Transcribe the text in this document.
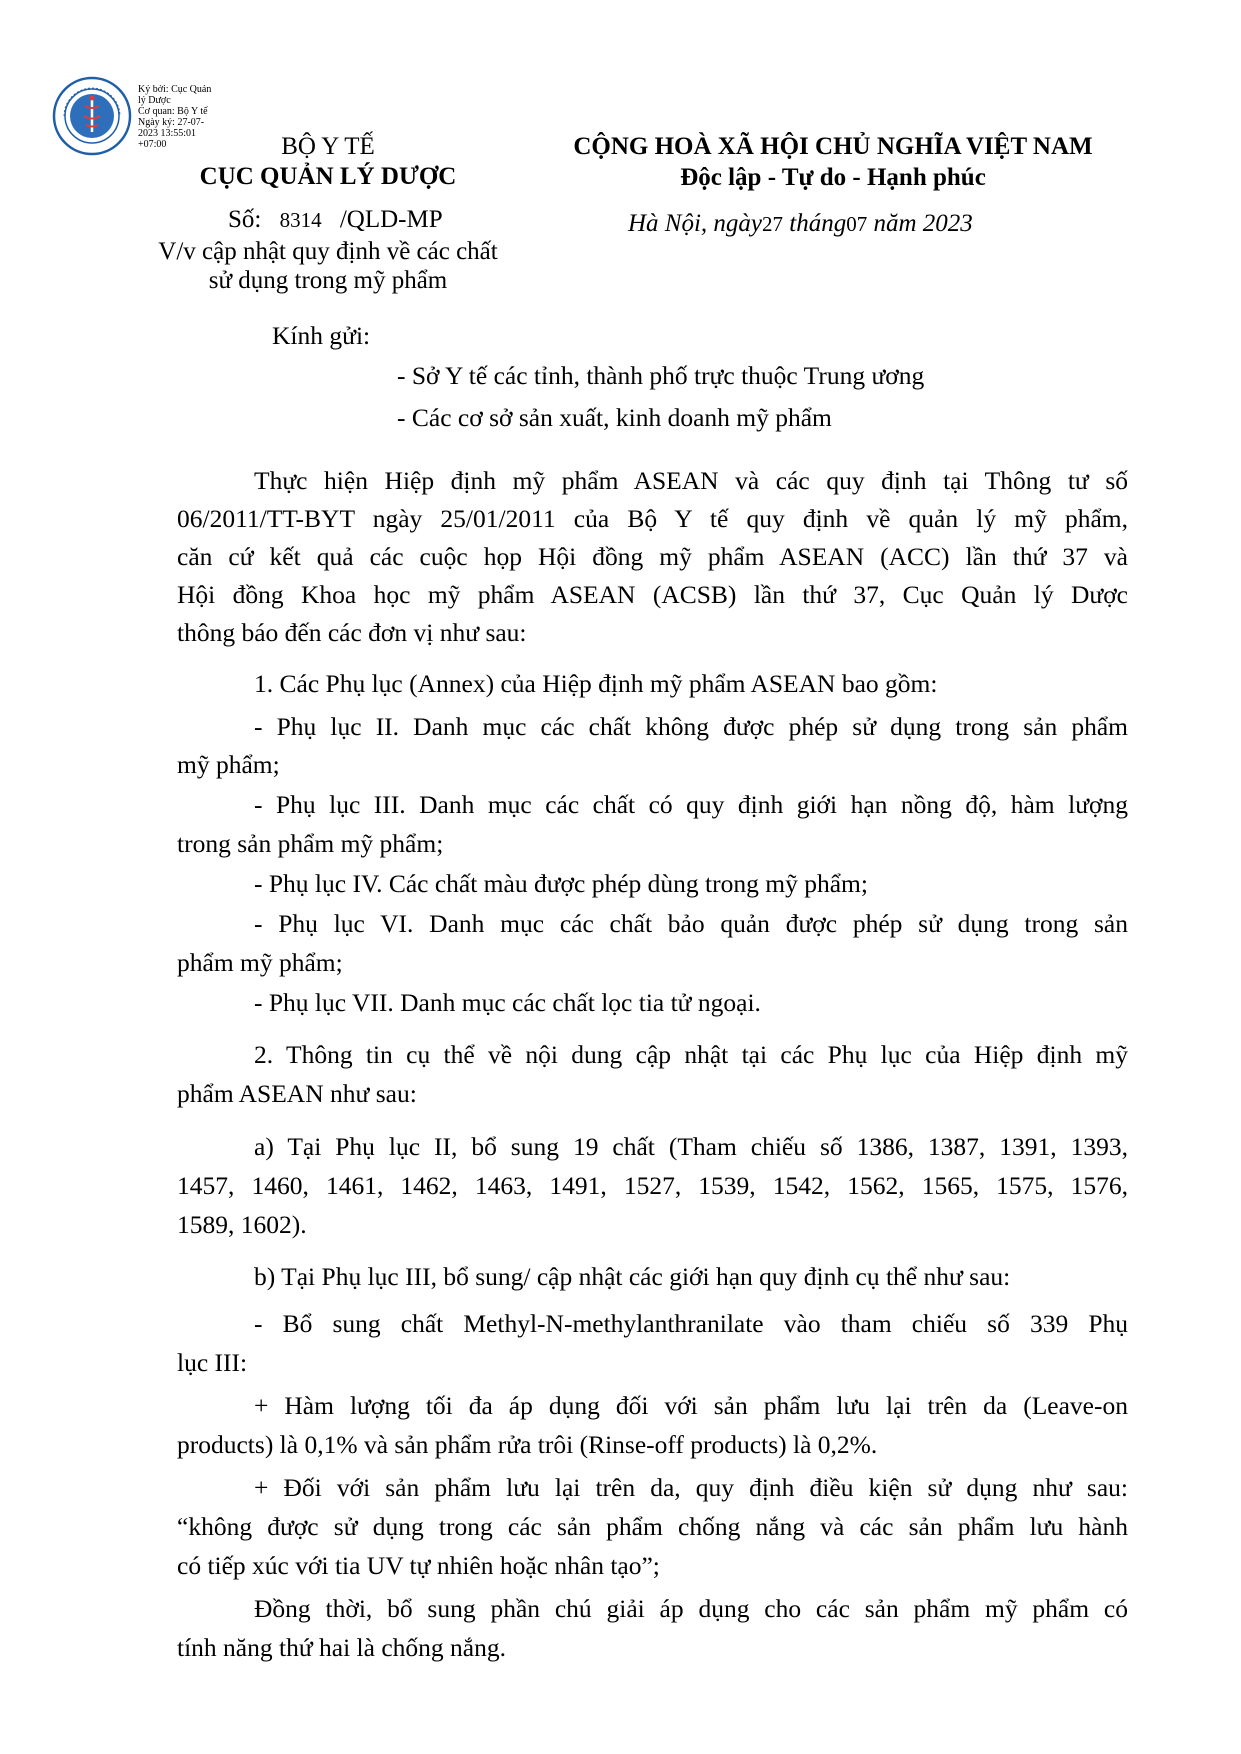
Ký bởi: Cục Quản
lý Dược
Cơ quan: Bộ Y tế
Ngày ký: 27-07-
2023 13:55:01
+07:00	BỘ Y TẾ
CỤC QUẢN LÝ DƯỢC
Số: 8314 /QLD-MP
V/v cập nhật quy định về các chất
sử dụng trong mỹ phẩm
CỘNG HOÀ XÃ HỘI CHỦ NGHĨA VIỆT NAM
Độc lập - Tự do - Hạnh phúc
Hà Nội, ngày27 tháng07 năm 2023
Kính gửi:
- Sở Y tế các tỉnh, thành phố trực thuộc Trung ương
- Các cơ sở sản xuất, kinh doanh mỹ phẩm
Thực hiện Hiệp định mỹ phẩm ASEAN và các quy định tại Thông tư số
06/2011/TT-BYT ngày 25/01/2011 của Bộ Y tế quy định về quản lý mỹ phẩm,
căn cứ kết quả các cuộc họp Hội đồng mỹ phẩm ASEAN (ACC) lần thứ 37 và
Hội đồng Khoa học mỹ phẩm ASEAN (ACSB) lần thứ 37, Cục Quản lý Dược
thông báo đến các đơn vị như sau:
1. Các Phụ lục (Annex) của Hiệp định mỹ phẩm ASEAN bao gồm:
- Phụ lục II. Danh mục các chất không được phép sử dụng trong sản phẩm
mỹ phẩm;
- Phụ lục III. Danh mục các chất có quy định giới hạn nồng độ, hàm lượng
trong sản phẩm mỹ phẩm;
- Phụ lục IV. Các chất màu được phép dùng trong mỹ phẩm;
- Phụ lục VI. Danh mục các chất bảo quản được phép sử dụng trong sản
phẩm mỹ phẩm;
- Phụ lục VII. Danh mục các chất lọc tia tử ngoại.
2. Thông tin cụ thể về nội dung cập nhật tại các Phụ lục của Hiệp định mỹ
phẩm ASEAN như sau:
a) Tại Phụ lục II, bổ sung 19 chất (Tham chiếu số 1386, 1387, 1391, 1393,
1457, 1460, 1461, 1462, 1463, 1491, 1527, 1539, 1542, 1562, 1565, 1575, 1576,
1589, 1602).
b) Tại Phụ lục III, bổ sung/ cập nhật các giới hạn quy định cụ thể như sau:
- Bổ sung chất Methyl-N-methylanthranilate vào tham chiếu số 339 Phụ
lục III:
+ Hàm lượng tối đa áp dụng đối với sản phẩm lưu lại trên da (Leave-on
products) là 0,1% và sản phẩm rửa trôi (Rinse-off products) là 0,2%.
+ Đối với sản phẩm lưu lại trên da, quy định điều kiện sử dụng như sau:
“không được sử dụng trong các sản phẩm chống nắng và các sản phẩm lưu hành
có tiếp xúc với tia UV tự nhiên hoặc nhân tạo”;
Đồng thời, bổ sung phần chú giải áp dụng cho các sản phẩm mỹ phẩm có
tính năng thứ hai là chống nắng.
